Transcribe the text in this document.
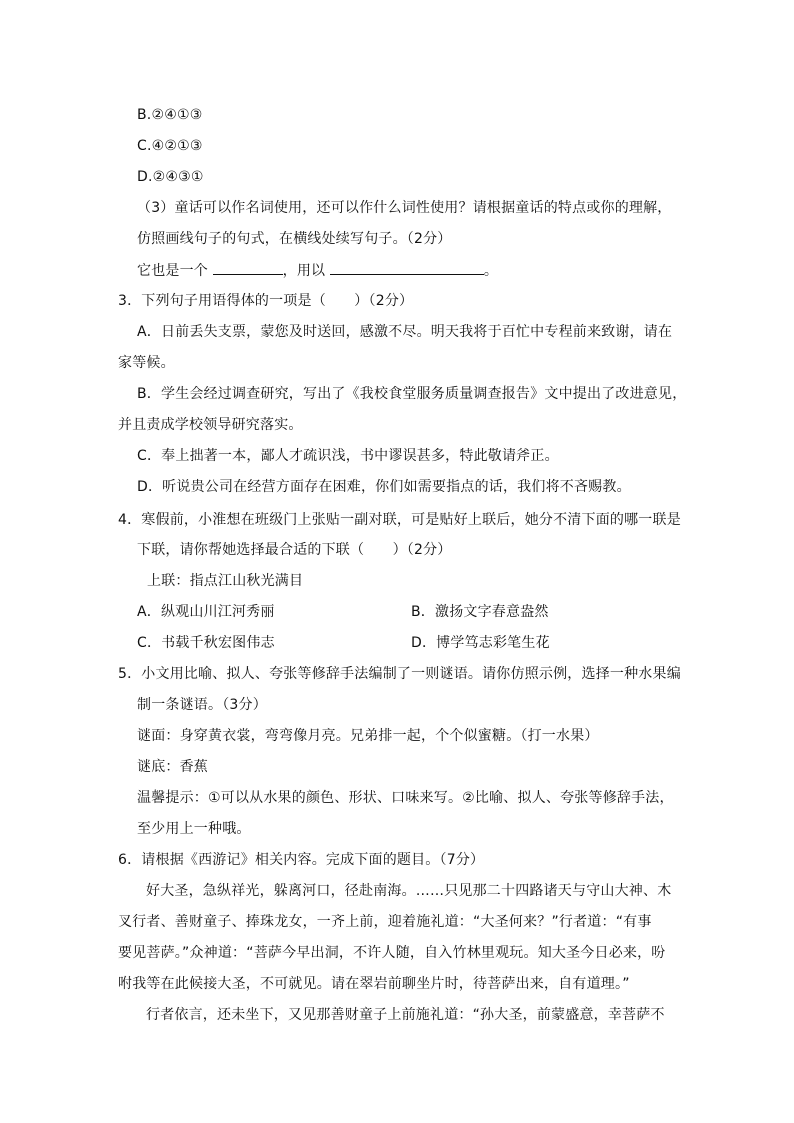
B.②④①③
C.④②①③
D.②④③①
（3）童话可以作名词使用，还可以作什么词性使用？请根据童话的特点或你的理解，
仿照画线句子的句式，在横线处续写句子。（2分）
它也是一个	，用以	。
3．下列句子用语得体的一项是（　　）（2分）
A．日前丢失支票，蒙您及时送回，感激不尽。明天我将于百忙中专程前来致谢，请在
家等候。
B．学生会经过调查研究，写出了《我校食堂服务质量调查报告》文中提出了改进意见，
并且责成学校领导研究落实。
C．奉上拙著一本，鄙人才疏识浅，书中谬误甚多，特此敬请斧正。
D．听说贵公司在经营方面存在困难，你们如需要指点的话，我们将不吝赐教。
4．寒假前，小淮想在班级门上张贴一副对联，可是贴好上联后，她分不清下面的哪一联是
下联，请你帮她选择最合适的下联（　　）（2分）
上联：指点江山秋光满目
A．纵观山川江河秀丽	B．激扬文字春意盎然
C．书载千秋宏图伟志	D．博学笃志彩笔生花
5．小文用比喻、拟人、夸张等修辞手法编制了一则谜语。请你仿照示例，选择一种水果编
制一条谜语。（3分）
谜面：身穿黄衣裳，弯弯像月亮。兄弟排一起，个个似蜜糖。（打一水果）
谜底：香蕉
温馨提示：①可以从水果的颜色、形状、口味来写。②比喻、拟人、夸张等修辞手法，
至少用上一种哦。
6．请根据《西游记》相关内容。完成下面的题目。（7分）
好大圣，急纵祥光，躲离河口，径赴南海。……只见那二十四路诸天与守山大神、木
叉行者、善财童子、捧珠龙女，一齐上前，迎着施礼道：“大圣何来？”行者道：“有事
要见菩萨。”众神道：“菩萨今早出洞，不许人随，自入竹林里观玩。知大圣今日必来，吩
咐我等在此候接大圣，不可就见。请在翠岩前聊坐片时，待菩萨出来，自有道理。”
行者依言，还未坐下，又见那善财童子上前施礼道：“孙大圣，前蒙盛意，幸菩萨不
